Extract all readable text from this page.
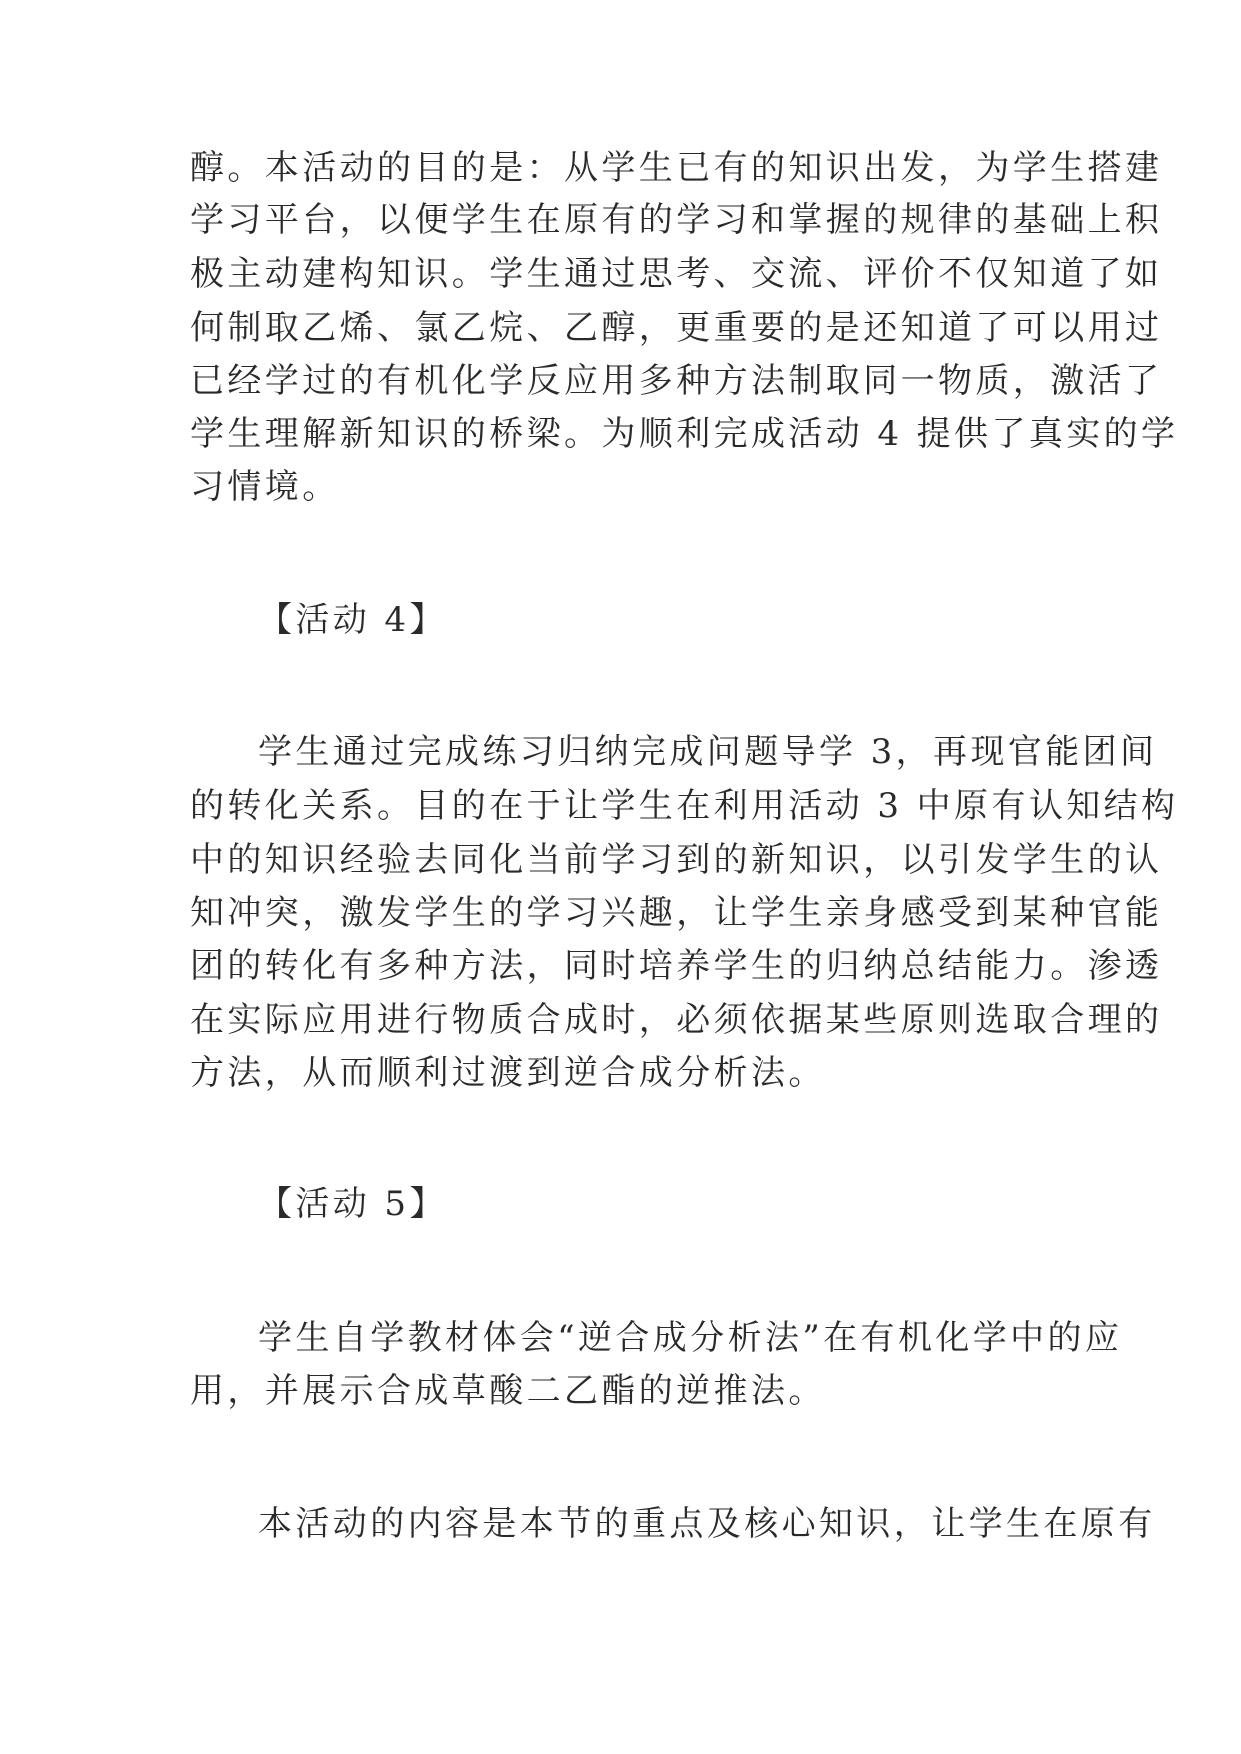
醇。本活动的目的是：从学生已有的知识出发，为学生搭建
学习平台，以便学生在原有的学习和掌握的规律的基础上积
极主动建构知识。学生通过思考、交流、评价不仅知道了如
何制取乙烯、氯乙烷、乙醇，更重要的是还知道了可以用过
已经学过的有机化学反应用多种方法制取同一物质，激活了
学生理解新知识的桥梁。为顺利完成活动 4 提供了真实的学
习情境。
【活动 4】
学生通过完成练习归纳完成问题导学 3，再现官能团间
的转化关系。目的在于让学生在利用活动 3 中原有认知结构
中的知识经验去同化当前学习到的新知识，以引发学生的认
知冲突，激发学生的学习兴趣，让学生亲身感受到某种官能
团的转化有多种方法，同时培养学生的归纳总结能力。渗透
在实际应用进行物质合成时，必须依据某些原则选取合理的
方法，从而顺利过渡到逆合成分析法。
【活动 5】
学生自学教材体会“逆合成分析法”在有机化学中的应
用，并展示合成草酸二乙酯的逆推法。
本活动的内容是本节的重点及核心知识，让学生在原有
